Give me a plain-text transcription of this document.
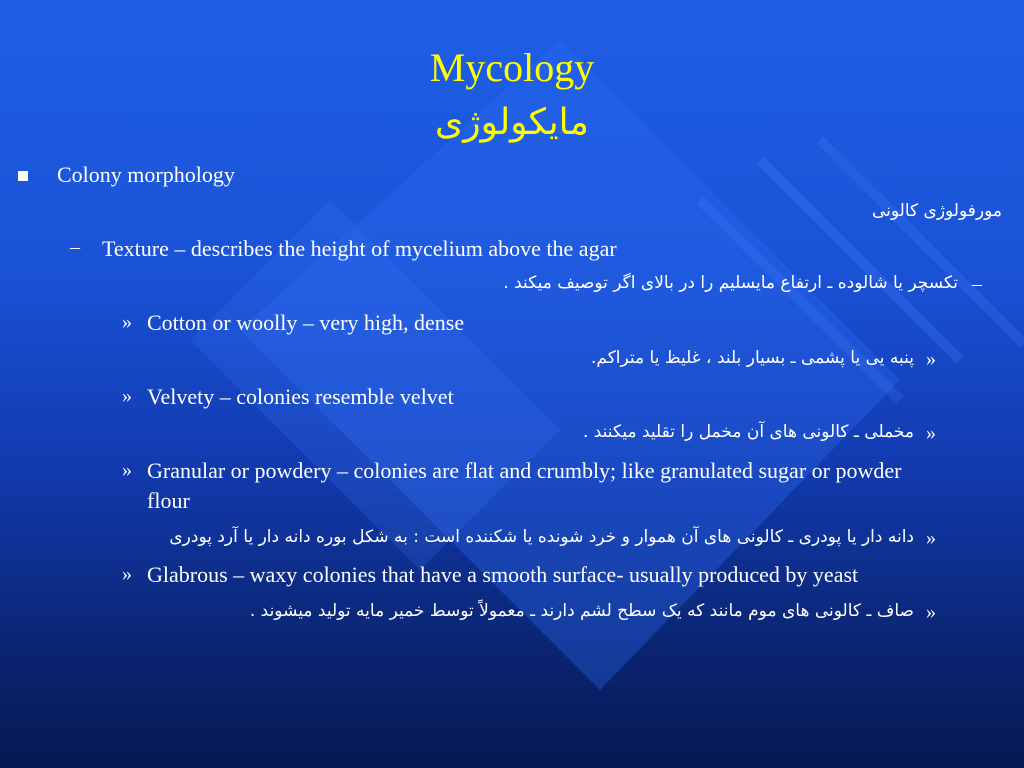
Mycology
مایکولوژی
Colony morphology
مورفولوژی کالونی
– Texture – describes the height of mycelium above the agar
–
تکسچر یا شالوده ـ ارتفاع مایسلیم را در بالای اگر توصیف میکند .
» Cotton or woolly – very high, dense
»
پنبه یی یا پشمی ـ بسیار بلند ، غلیظ یا متراکم.
» Velvety – colonies resemble velvet
»
مخملی ـ کالونی های آن مخمل را تقلید میکنند .
» Granular or powdery – colonies are flat and crumbly; like granulated sugar or powder
flour
»
دانه دار یا پودری ـ کالونی های آن هموار و خرد شونده یا شکننده است : به شکل بوره دانه دار یا آرد پودری
» Glabrous – waxy colonies that have a smooth surface- usually produced by yeast
»
صاف ـ کالونی های موم مانند که یک سطح لشم دارند ـ معمولاً توسط خمیر مایه تولید میشوند .
